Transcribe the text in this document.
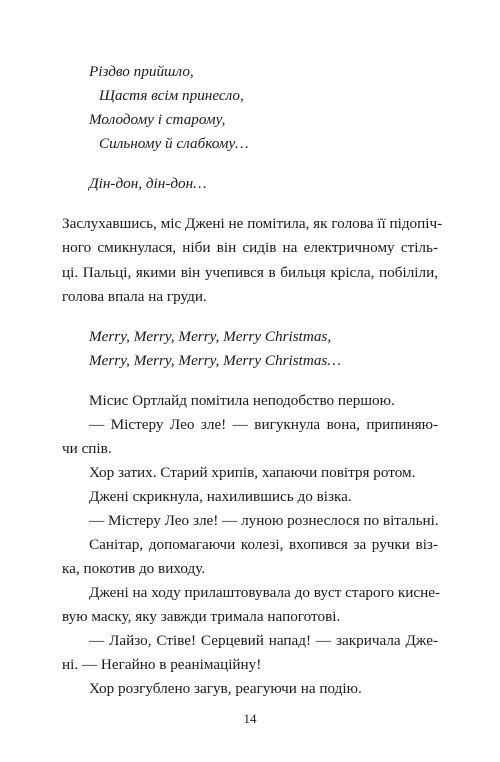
Різдво прийшло,
Щастя всім принесло,
Молодому і старому,
Сильному й слабкому…
Дін-дон, дін-дон…
Заслухавшись, міс Джені не помітила, як голова її підопіч-
ного смикнулася, ніби він сидів на електричному стіль-
ці. Пальці, якими він учепився в бильця крісла, побіліли,
голова впала на груди.
Merry, Merry, Merry, Merry Christmas,
Merry, Merry, Merry, Merry Christmas…
Місис Ортлайд помітила неподобство першою.
— Містеру Лео зле! — вигукнула вона, припиняю-
чи спів.
Хор затих. Старий хрипів, хапаючи повітря ротом.
Джені скрикнула, нахилившись до візка.
— Містеру Лео зле! — луною рознеслося по вітальні.
Санітар, допомагаючи колезі, вхопився за ручки віз-
ка, покотив до виходу.
Джені на ходу прилаштовувала до вуст старого кисне-
вую маску, яку завжди тримала напоготові.
— Лайзо, Стіве! Серцевий напад! — закричала Дже-
ні. — Негайно в реанімаційну!
Хор розгублено загув, реагуючи на подію.
14
